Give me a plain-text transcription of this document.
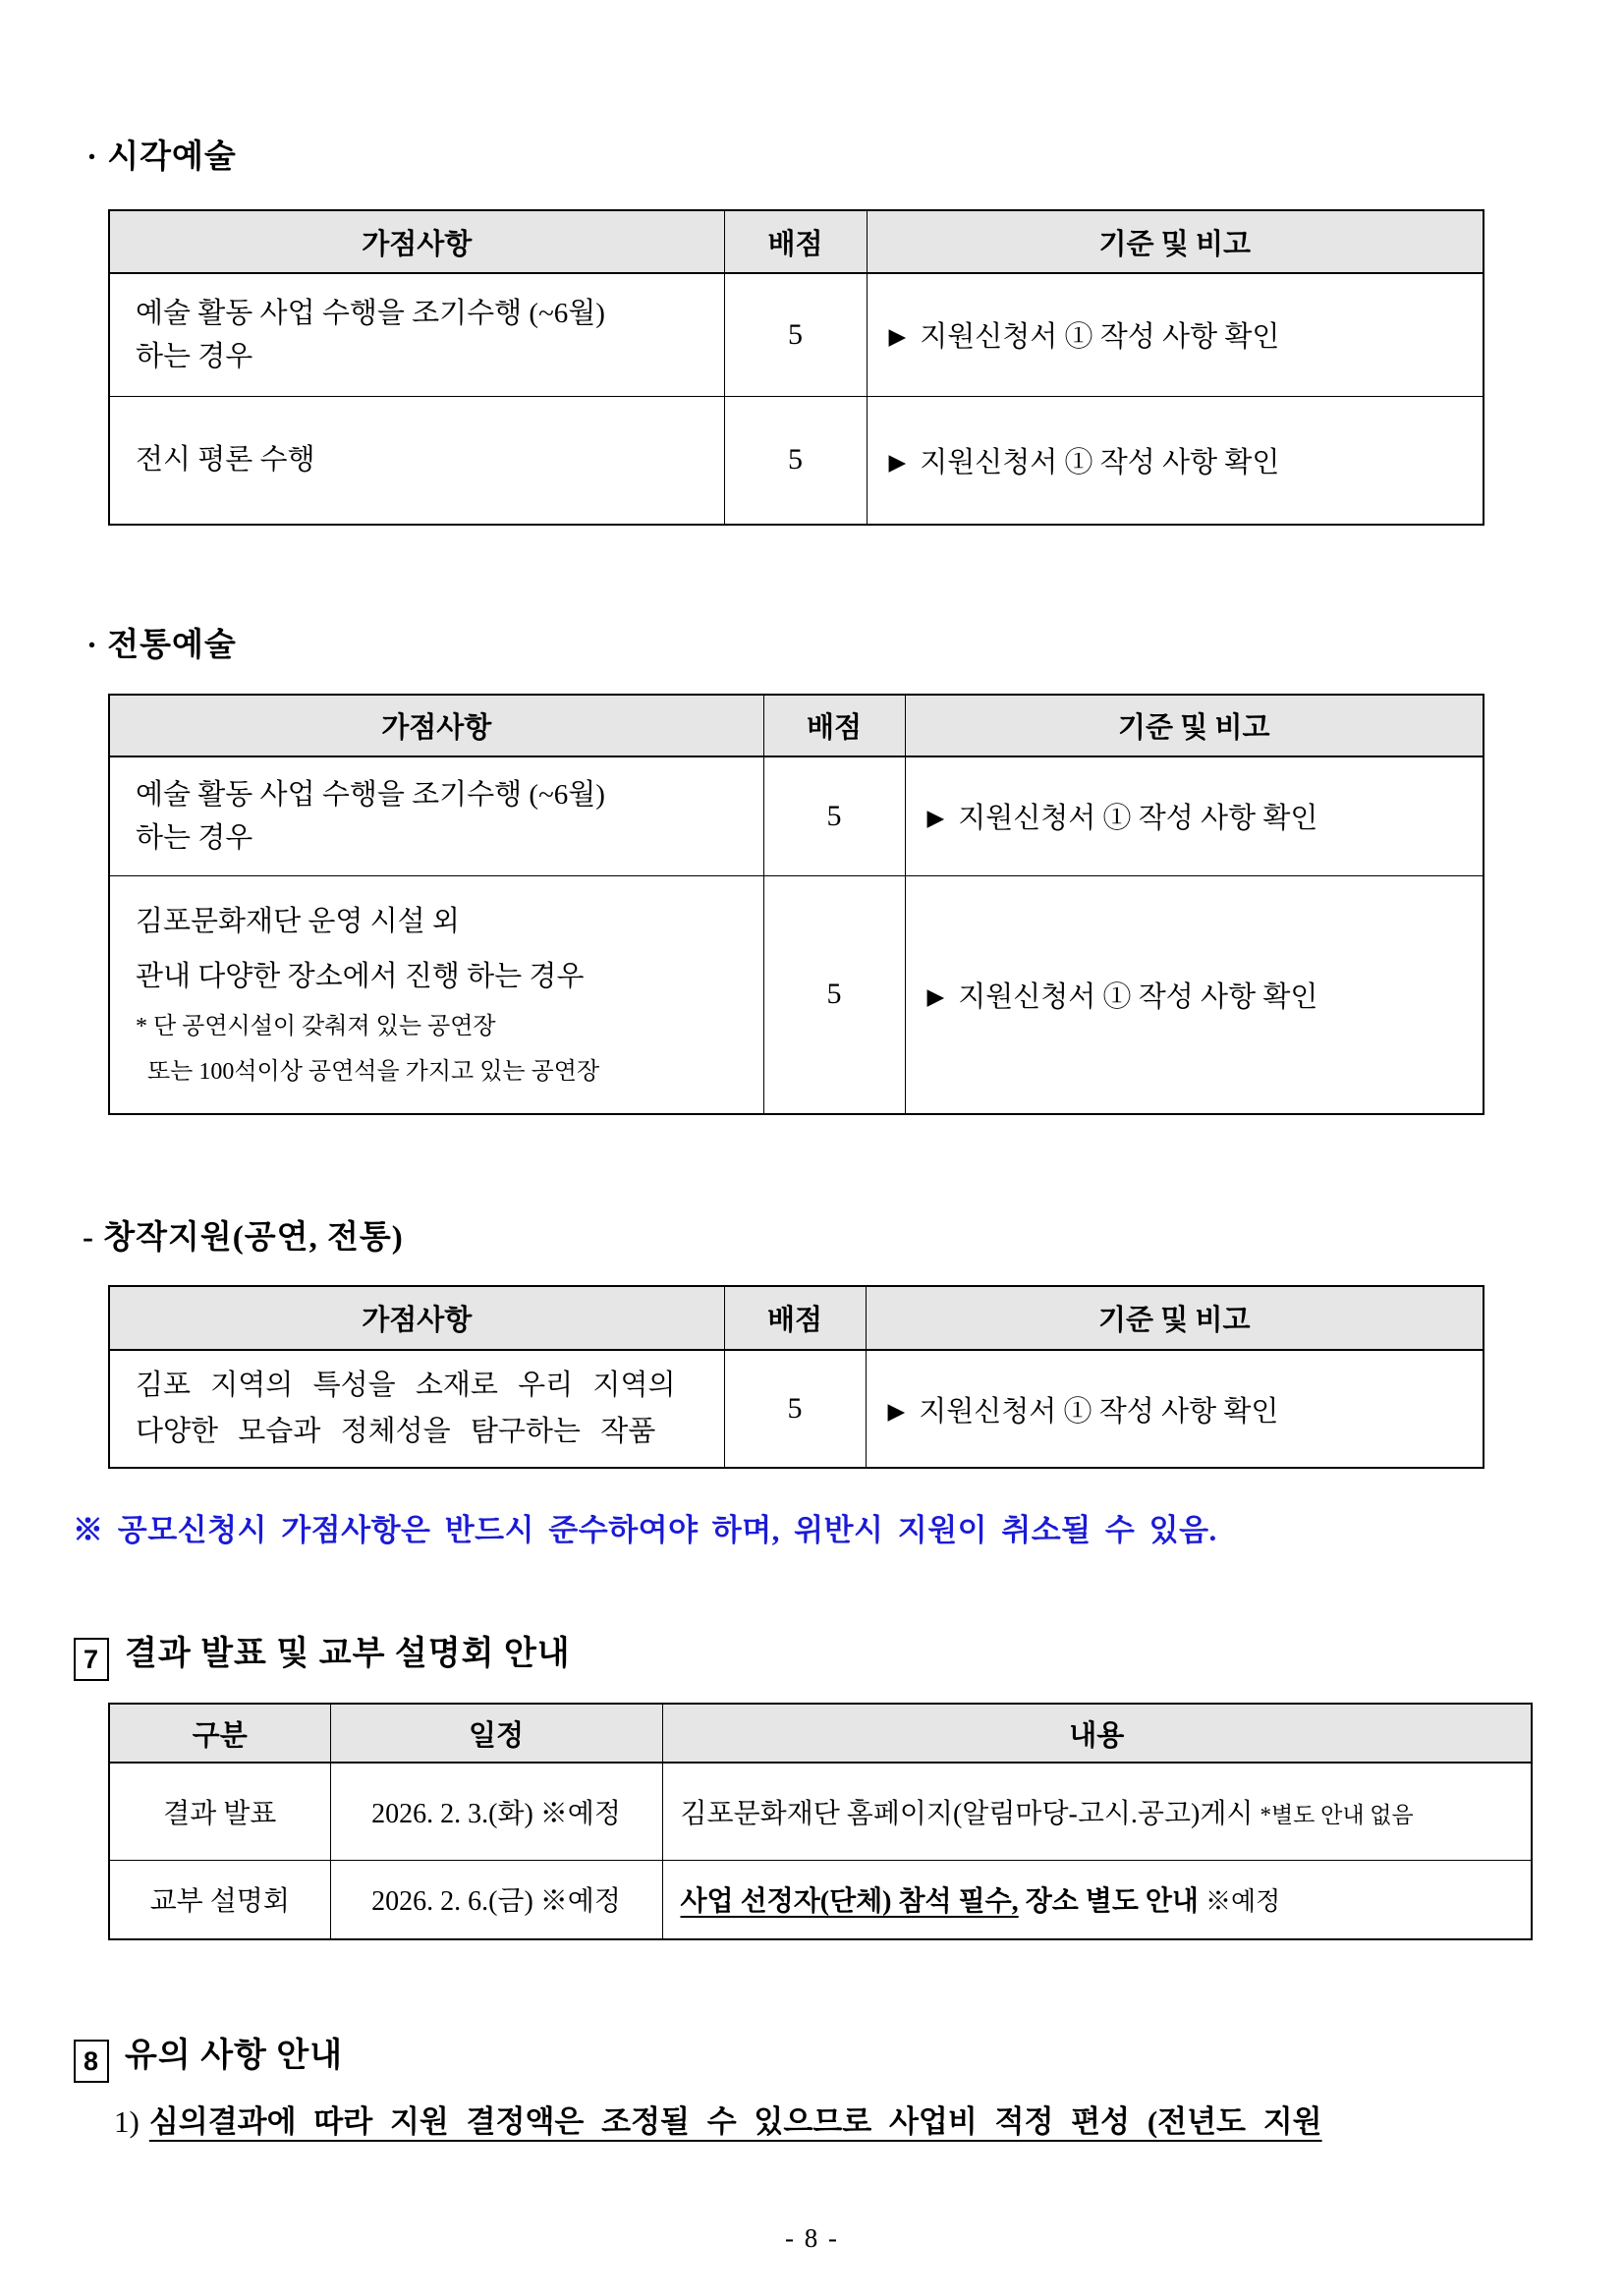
· 시각예술
가점사항	배점	기준 및 비고

예술 활동 사업 수행을 조기수행 (~6월)
하는 경우	5	▶ 지원신청서 ① 작성 사항 확인
전시 평론 수행	5	▶ 지원신청서 ① 작성 사항 확인
· 전통예술
가점사항	배점	기준 및 비고

예술 활동 사업 수행을 조기수행 (~6월)
하는 경우	5	▶ 지원신청서 ① 작성 사항 확인

김포문화재단 운영 시설 외
관내 다양한 장소에서 진행 하는 경우
* 단 공연시설이 갖춰져 있는 공연장
또는 100석이상 공연석을 가지고 있는 공연장	5	▶ 지원신청서 ① 작성 사항 확인
- 창작지원(공연, 전통)
가점사항	배점	기준 및 비고

김포 지역의 특성을 소재로 우리 지역의
다양한 모습과 정체성을 탐구하는 작품	5	▶ 지원신청서 ① 작성 사항 확인
※ 공모신청시 가점사항은 반드시 준수하여야 하며, 위반시 지원이 취소될 수 있음.
7 결과 발표 및 교부 설명회 안내
구분	일정	내용
결과 발표	2026. 2. 3.(화) ※예정	김포문화재단 홈페이지(알림마당-고시.공고)게시 *별도 안내 없음
교부 설명회	2026. 2. 6.(금) ※예정	사업 선정자(단체) 참석 필수, 장소 별도 안내 ※예정
8 유의 사항 안내
1) 심의결과에 따라 지원 결정액은 조정될 수 있으므로 사업비 적정 편성 (전년도 지원
- 8 -
